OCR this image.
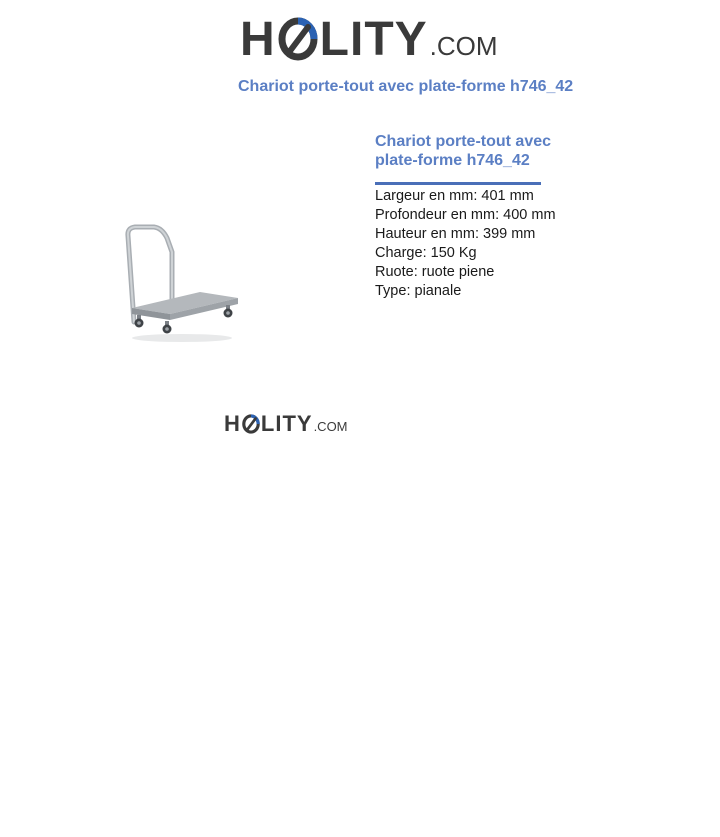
H LITY .COM
Chariot porte-tout avec plate-forme h746_42
Chariot porte-tout avec
plate-forme h746_42
Largeur en mm: 401 mm
Profondeur en mm: 400 mm
Hauteur en mm: 399 mm
Charge: 150 Kg
Ruote: ruote piene
Type: pianale
H LITY .COM
